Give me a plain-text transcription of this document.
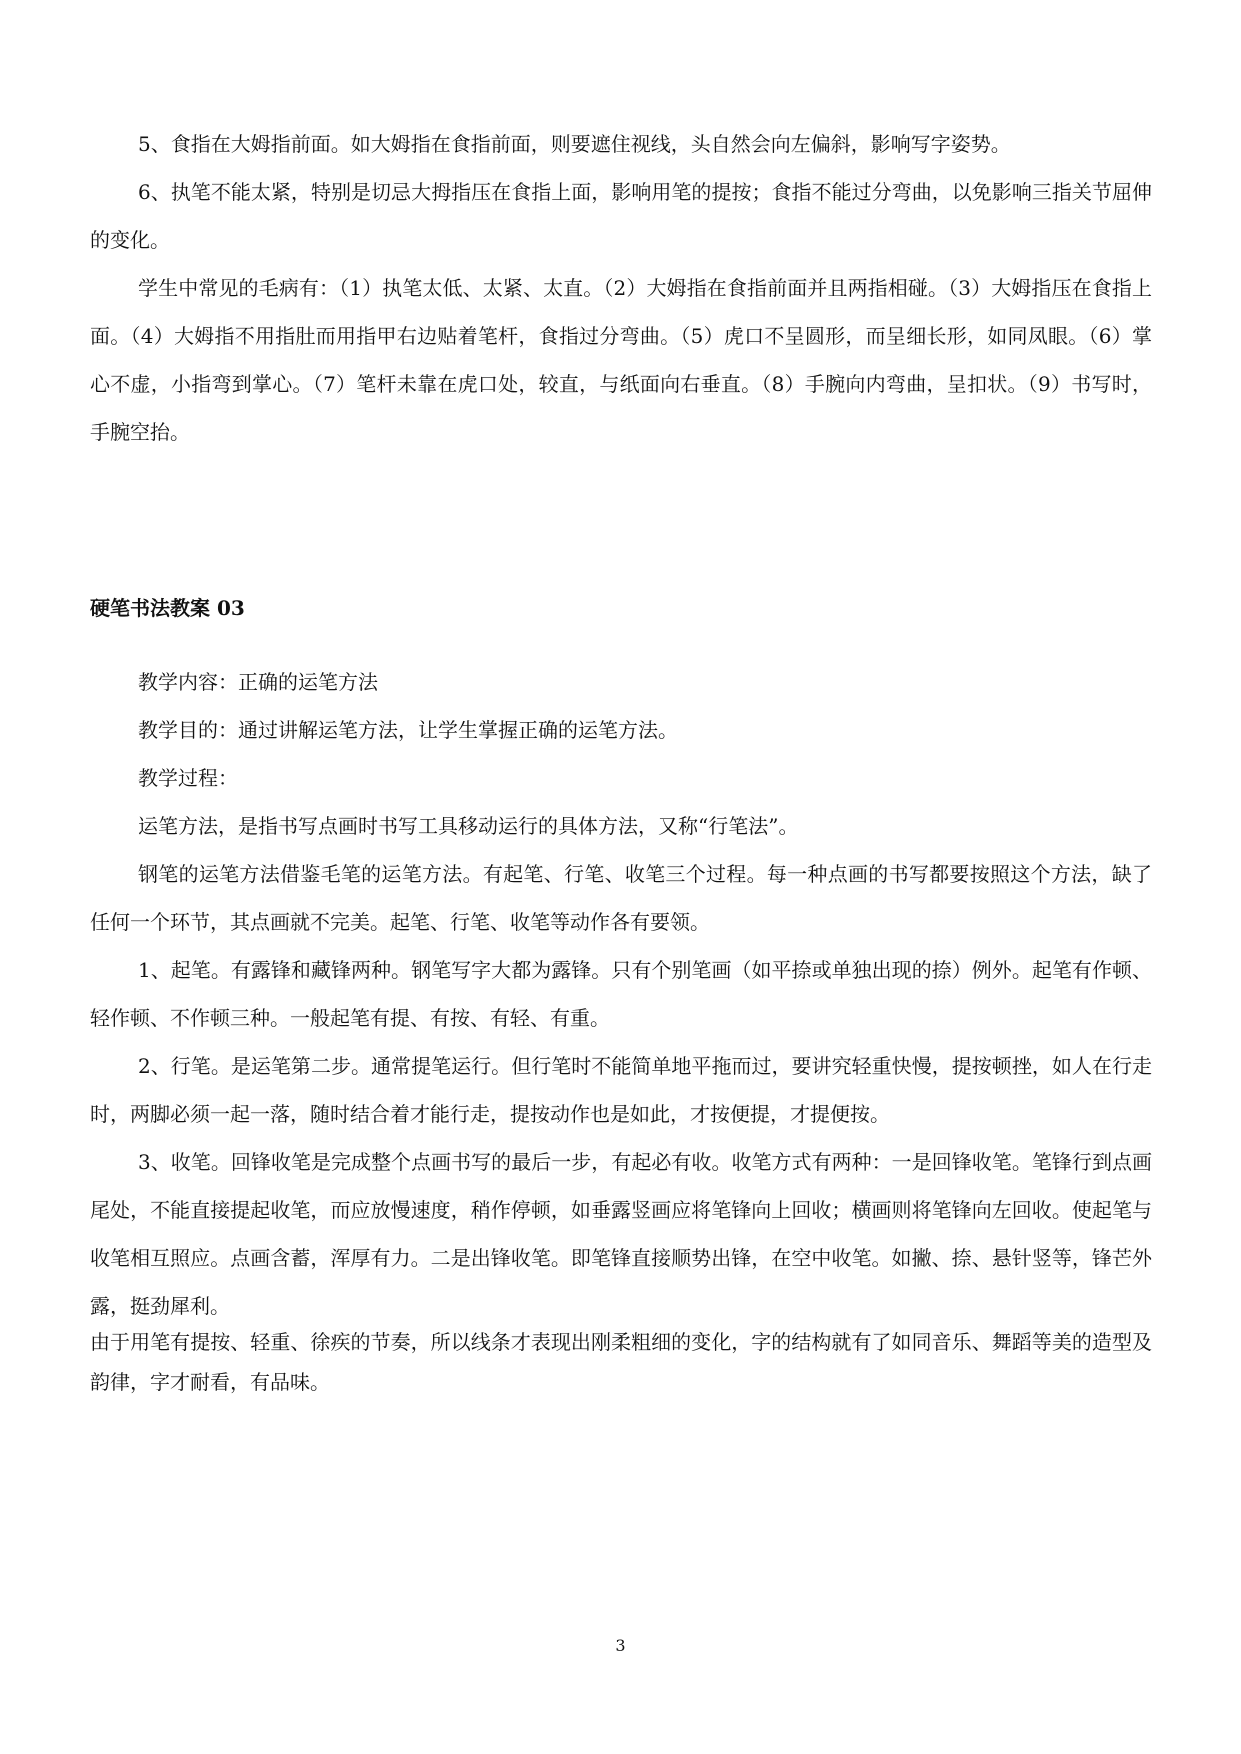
5、食指在大姆指前面。如大姆指在食指前面，则要遮住视线，头自然会向左偏斜，影响写字姿势。

6、执笔不能太紧，特别是切忌大拇指压在食指上面，影响用笔的提按；食指不能过分弯曲，以免影响三指关节屈伸的变化。

学生中常见的毛病有：（1）执笔太低、太紧、太直。（2）大姆指在食指前面并且两指相碰。（3）大姆指压在食指上面。（4）大姆指不用指肚而用指甲右边贴着笔杆，食指过分弯曲。（5）虎口不呈圆形，而呈细长形，如同凤眼。（6）掌心不虚，小指弯到掌心。（7）笔杆未靠在虎口处，较直，与纸面向右垂直。（8）手腕向内弯曲，呈扣状。（9）书写时，手腕空抬。

硬笔书法教案 03

教学内容：正确的运笔方法

教学目的：通过讲解运笔方法，让学生掌握正确的运笔方法。

教学过程：

运笔方法，是指书写点画时书写工具移动运行的具体方法，又称“行笔法”。

钢笔的运笔方法借鉴毛笔的运笔方法。有起笔、行笔、收笔三个过程。每一种点画的书写都要按照这个方法，缺了任何一个环节，其点画就不完美。起笔、行笔、收笔等动作各有要领。

1、起笔。有露锋和藏锋两种。钢笔写字大都为露锋。只有个别笔画（如平捺或单独出现的捺）例外。起笔有作顿、轻作顿、不作顿三种。一般起笔有提、有按、有轻、有重。

2、行笔。是运笔第二步。通常提笔运行。但行笔时不能简单地平拖而过，要讲究轻重快慢，提按顿挫，如人在行走时，两脚必须一起一落，随时结合着才能行走，提按动作也是如此，才按便提，才提便按。

3、收笔。回锋收笔是完成整个点画书写的最后一步，有起必有收。收笔方式有两种：一是回锋收笔。笔锋行到点画尾处，不能直接提起收笔，而应放慢速度，稍作停顿，如垂露竖画应将笔锋向上回收；横画则将笔锋向左回收。使起笔与收笔相互照应。点画含蓄，浑厚有力。二是出锋收笔。即笔锋直接顺势出锋，在空中收笔。如撇、捺、悬针竖等，锋芒外露，挺劲犀利。

由于用笔有提按、轻重、徐疾的节奏，所以线条才表现出刚柔粗细的变化，字的结构就有了如同音乐、舞蹈等美的造型及韵律，字才耐看，有品味。

3
